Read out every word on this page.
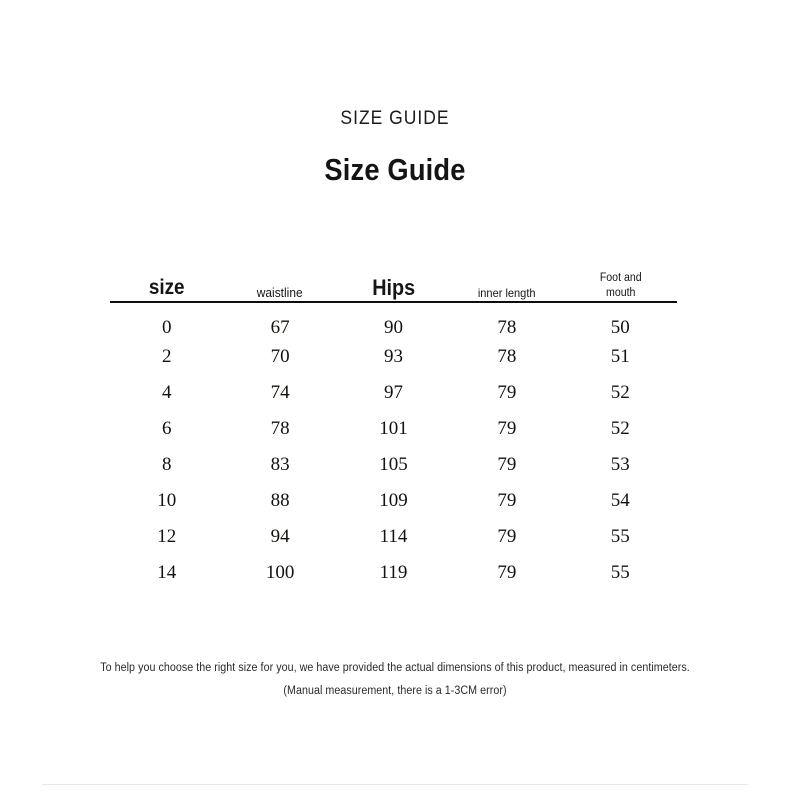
SIZE GUIDE
Size Guide
size	waistline	Hips	inner length	Foot and
mouth
0	67	90	78	50
2	70	93	78	51
4	74	97	79	52
6	78	101	79	52
8	83	105	79	53
10	88	109	79	54
12	94	114	79	55
14	100	119	79	55
To help you choose the right size for you, we have provided the actual dimensions of this product, measured in centimeters.
(Manual measurement, there is a 1-3CM error)
